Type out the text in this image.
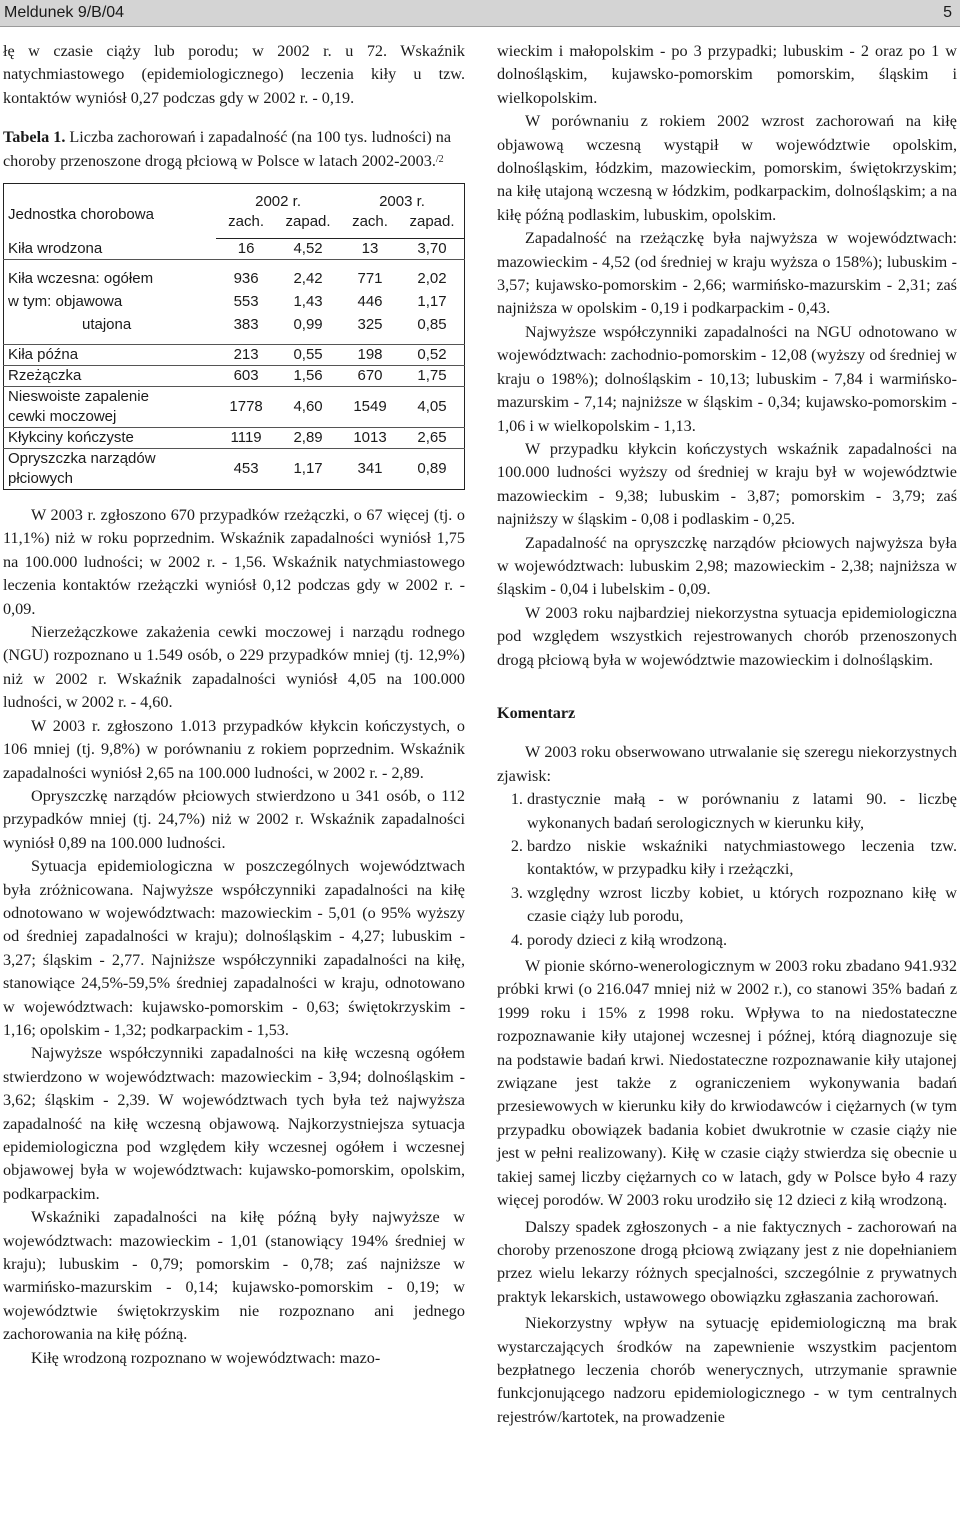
Meldunek 9/B/04	5

łę w czasie ciąży lub porodu; w 2002 r. u 72. Wskaźnik natychmiastowego (epidemiologicznego) leczenia kiły u tzw. kontaktów wyniósł 0,27 podczas gdy w 2002 r. - 0,19.

Tabela 1. Liczba zachorowań i zapadalność (na 100 tys. ludności) na choroby przenoszone drogą płciową w Polsce w latach 2002-2003.$^{/2}$

Jednostka chorobowa	2002 r.		2003 r.	
	zach.	zapad.	zach.	zapad.
Kiła wrodzona	16	4,52	13	3,70
Kiła wczesna: ogółem	936	2,42	771	2,02
w tym: objawowa	553	1,43	446	1,17
utajona	383	0,99	325	0,85
Kiła późna	213	0,55	198	0,52
Rzeżączka	603	1,56	670	1,75
Nieswoiste zapalenie
cewki moczowej	1778	4,60	1549	4,05
Kłykciny kończyste	1119	2,89	1013	2,65
Opryszczka narządów
płciowych	453	1,17	341	0,89

W 2003 r. zgłoszono 670 przypadków rzeżączki, o 67 więcej (tj. o 11,1%) niż w roku poprzednim. Wskaźnik zapadalności wyniósł 1,75 na 100.000 ludności; w 2002 r. - 1,56. Wskaźnik natychmiastowego leczenia kontaktów rzeżączki wyniósł 0,12 podczas gdy w 2002 r. - 0,09.

Nierzeżączkowe zakażenia cewki moczowej i narządu rodnego (NGU) rozpoznano u 1.549 osób, o 229 przypadków mniej (tj. 12,9%) niż w 2002 r. Wskaźnik zapadalności wyniósł 4,05 na 100.000 ludności, w 2002 r. - 4,60.

W 2003 r. zgłoszono 1.013 przypadków kłykcin kończystych, o 106 mniej (tj. 9,8%) w porównaniu z rokiem poprzednim. Wskaźnik zapadalności wyniósł 2,65 na 100.000 ludności, w 2002 r. - 2,89.

Opryszczkę narządów płciowych stwierdzono u 341 osób, o 112 przypadków mniej (tj. 24,7%) niż w 2002 r. Wskaźnik zapadalności wyniósł 0,89 na 100.000 ludności.

Sytuacja epidemiologiczna w poszczególnych województwach była zróżnicowana. Najwyższe współczynniki zapadalności na kiłę odnotowano w województwach: mazowieckim - 5,01 (o 95% wyższy od średniej zapadalności w kraju); dolnośląskim - 4,27; lubuskim - 3,27; śląskim - 2,77. Najniższe współczynniki zapadalności na kiłę, stanowiące 24,5%-59,5% średniej zapadalności w kraju, odnotowano w województwach: kujawsko-pomorskim - 0,63; świętokrzyskim - 1,16; opolskim - 1,32; podkarpackim - 1,53.

Najwyższe współczynniki zapadalności na kiłę wczesną ogółem stwierdzono w województwach: mazowieckim - 3,94; dolnośląskim - 3,62; śląskim - 2,39. W województwach tych była też najwyższa zapadalność na kiłę wczesną objawową. Najkorzystniejsza sytuacja epidemiologiczna pod względem kiły wczesnej ogółem i wczesnej objawowej była w województwach: kujawsko-pomorskim, opolskim, podkarpackim.

Wskaźniki zapadalności na kiłę późną były najwyższe w województwach: mazowieckim - 1,01 (stanowiący 194% średniej w kraju); lubuskim - 0,79; pomorskim - 0,78; zaś najniższe w warmińsko-mazurskim - 0,14; kujawsko-pomorskim - 0,19; w województwie świętokrzyskim nie rozpoznano ani jednego zachorowania na kiłę późną.

Kiłę wrodzoną rozpoznano w województwach: mazo-

wieckim i małopolskim - po 3 przypadki; lubuskim - 2 oraz po 1 w dolnośląskim, kujawsko-pomorskim pomorskim, śląskim i wielkopolskim.

W porównaniu z rokiem 2002 wzrost zachorowań na kiłę objawową wczesną wystąpił w województwie opolskim, dolnośląskim, łódzkim, mazowieckim, pomorskim, świętokrzyskim; na kiłę utajoną wczesną w łódzkim, podkarpackim, dolnośląskim; a na kiłę późną podlaskim, lubuskim, opolskim.

Zapadalność na rzeżączkę była najwyższa w województwach: mazowieckim - 4,52 (od średniej w kraju wyższa o 158%); lubuskim - 3,57; kujawsko-pomorskim - 2,66; warmińsko-mazurskim - 2,31; zaś najniższa w opolskim - 0,19 i podkarpackim - 0,43.

Najwyższe współczynniki zapadalności na NGU odnotowano w województwach: zachodnio-pomorskim - 12,08 (wyższy od średniej w kraju o 198%); dolnośląskim - 10,13; lubuskim - 7,84 i warmińsko-mazurskim - 7,14; najniższe w śląskim - 0,34; kujawsko-pomorskim - 1,06 i w wielkopolskim - 1,13.

W przypadku kłykcin kończystych wskaźnik zapadalności na 100.000 ludności wyższy od średniej w kraju był w województwie mazowieckim - 9,38; lubuskim - 3,87; pomorskim - 3,79; zaś najniższy w śląskim - 0,08 i podlaskim - 0,25.

Zapadalność na opryszczkę narządów płciowych najwyższa była w województwach: lubuskim 2,98; mazowieckim - 2,38; najniższa w śląskim - 0,04 i lubelskim - 0,09.

W 2003 roku najbardziej niekorzystna sytuacja epidemiologiczna pod względem wszystkich rejestrowanych chorób przenoszonych drogą płciową była w województwie mazowieckim i dolnośląskim.

Komentarz

W 2003 roku obserwowano utrwalanie się szeregu niekorzystnych zjawisk:

1. drastycznie małą - w porównaniu z latami 90. - liczbę wykonanych badań serologicznych w kierunku kiły,
2. bardzo niskie wskaźniki natychmiastowego leczenia tzw. kontaktów, w przypadku kiły i rzeżączki,
3. względny wzrost liczby kobiet, u których rozpoznano kiłę w czasie ciąży lub porodu,
4. porody dzieci z kiłą wrodzoną.

W pionie skórno-wenerologicznym w 2003 roku zbadano 941.932 próbki krwi (o 216.047 mniej niż w 2002 r.), co stanowi 35% badań z 1999 roku i 15% z 1998 roku. Wpływa to na niedostateczne rozpoznawanie kiły utajonej wczesnej i późnej, którą diagnozuje się na podstawie badań krwi. Niedostateczne rozpoznawanie kiły utajonej związane jest także z ograniczeniem wykonywania badań przesiewowych w kierunku kiły do krwiodawców i ciężarnych (w tym przypadku obowiązek badania kobiet dwukrotnie w czasie ciąży nie jest w pełni realizowany). Kiłę w czasie ciąży stwierdza się obecnie u takiej samej liczby ciężarnych co w latach, gdy w Polsce było 4 razy więcej porodów. W 2003 roku urodziło się 12 dzieci z kiłą wrodzoną.

Dalszy spadek zgłoszonych - a nie faktycznych - zachorowań na choroby przenoszone drogą płciową związany jest z nie dopełnianiem przez wielu lekarzy różnych specjalności, szczególnie z prywatnych praktyk lekarskich, ustawowego obowiązku zgłaszania zachorowań.

Niekorzystny wpływ na sytuację epidemiologiczną ma brak wystarczających środków na zapewnienie wszystkim pacjentom bezpłatnego leczenia chorób wenerycznych, utrzymanie sprawnie funkcjonującego nadzoru epidemiologicznego - w tym centralnych rejestrów/kartotek, na prowadzenie
